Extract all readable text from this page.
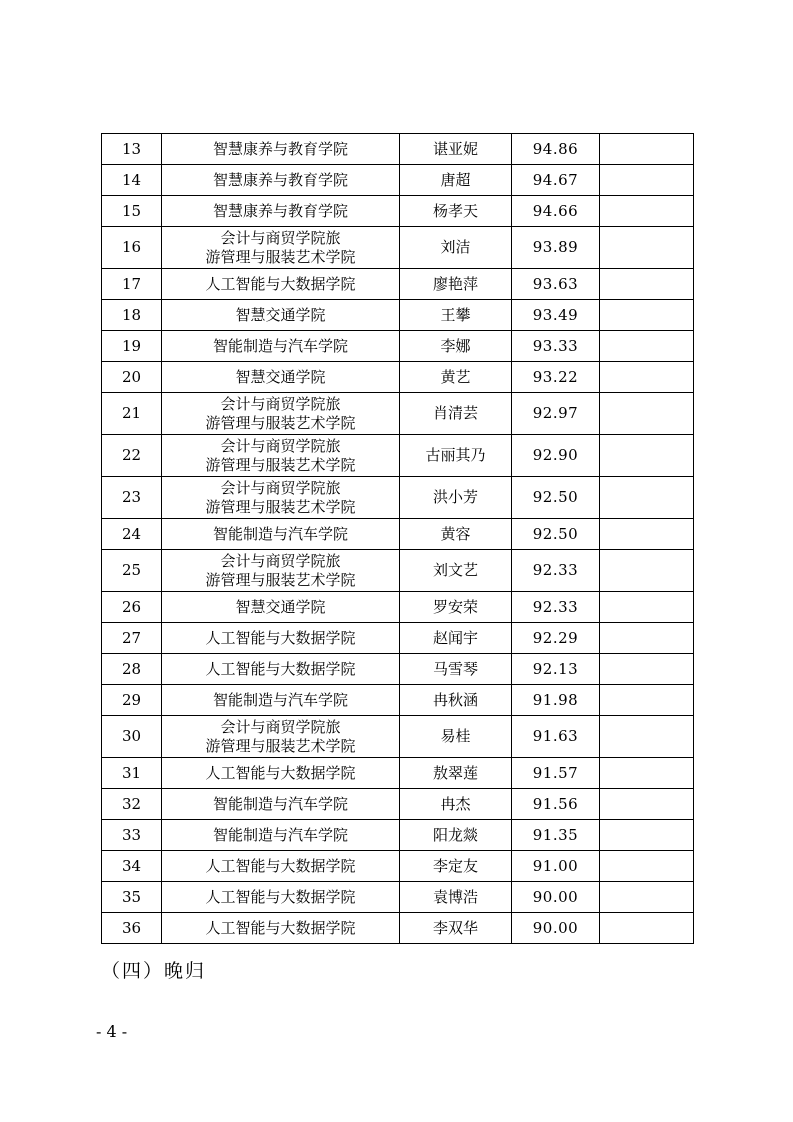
13	智慧康养与教育学院	谌亚妮	94.86	
14	智慧康养与教育学院	唐超	94.67	
15	智慧康养与教育学院	杨孝天	94.66	
16	会计与商贸学院旅
游管理与服装艺术学院	刘洁	93.89	
17	人工智能与大数据学院	廖艳萍	93.63	
18	智慧交通学院	王攀	93.49	
19	智能制造与汽车学院	李娜	93.33	
20	智慧交通学院	黄艺	93.22	
21	会计与商贸学院旅
游管理与服装艺术学院	肖清芸	92.97	
22	会计与商贸学院旅
游管理与服装艺术学院	古丽其乃	92.90	
23	会计与商贸学院旅
游管理与服装艺术学院	洪小芳	92.50	
24	智能制造与汽车学院	黄容	92.50	
25	会计与商贸学院旅
游管理与服装艺术学院	刘文艺	92.33	
26	智慧交通学院	罗安荣	92.33	
27	人工智能与大数据学院	赵闻宇	92.29	
28	人工智能与大数据学院	马雪琴	92.13	
29	智能制造与汽车学院	冉秋涵	91.98	
30	会计与商贸学院旅
游管理与服装艺术学院	易桂	91.63	
31	人工智能与大数据学院	敖翠莲	91.57	
32	智能制造与汽车学院	冉杰	91.56	
33	智能制造与汽车学院	阳龙燚	91.35	
34	人工智能与大数据学院	李定友	91.00	
35	人工智能与大数据学院	袁博浩	90.00	
36	人工智能与大数据学院	李双华	90.00	
（四）晚归
- 4 -
